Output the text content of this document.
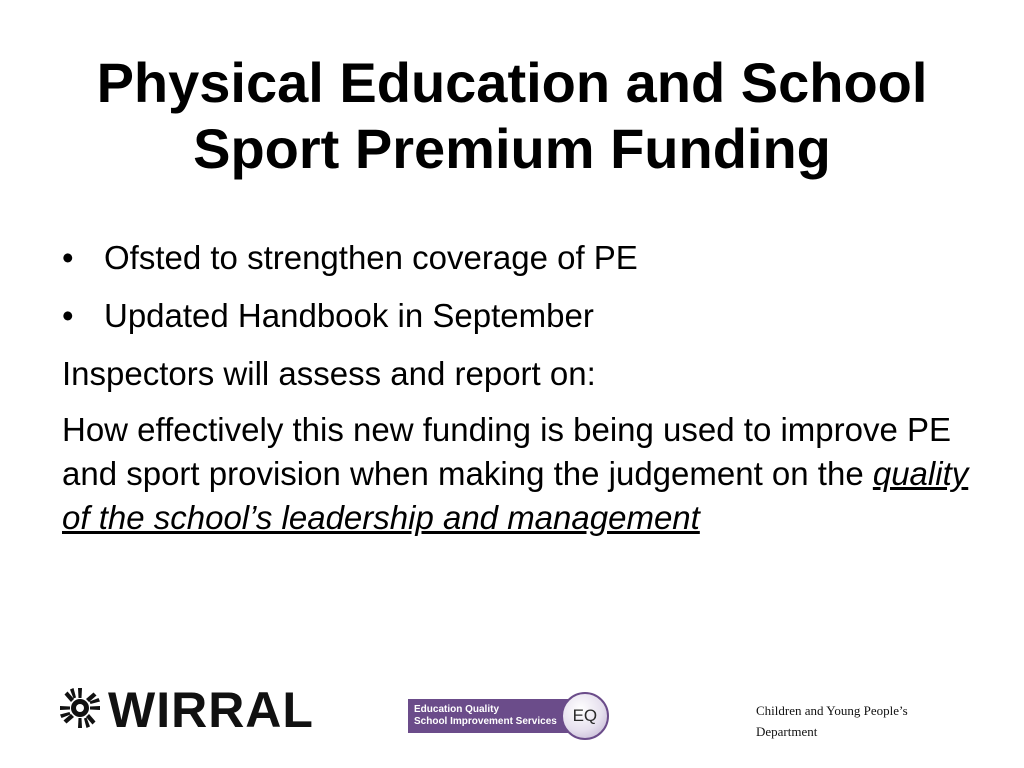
Physical Education and School
Sport Premium Funding
• Ofsted to strengthen coverage of PE
• Updated Handbook in September

Inspectors will assess and report on:

How effectively this new funding is being used to improve PE and sport provision when making the judgement on the quality of the school’s leadership and management

WIRRAL	Education Quality
School Improvement Services EQ	Children and Young People’s
Department
